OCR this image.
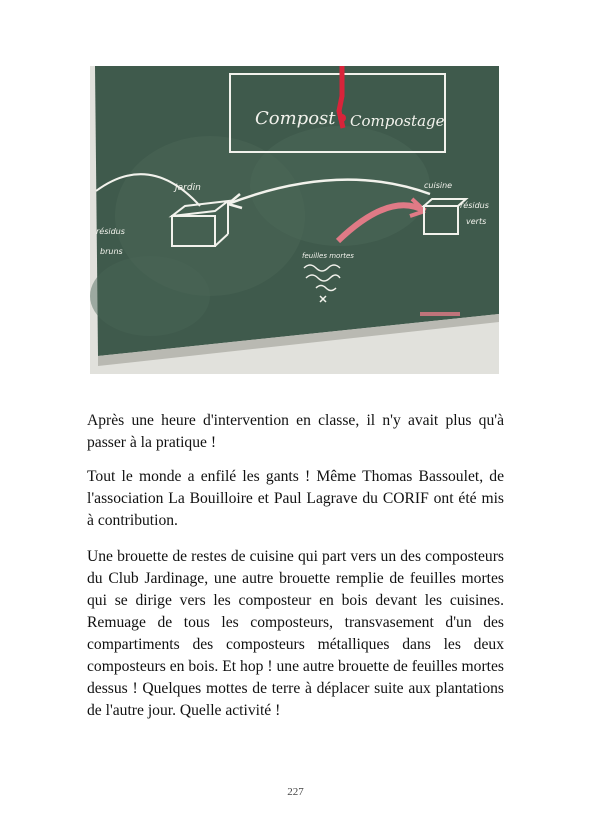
Compost Compostage
Jardin	cuisine
résidus
bruns
résidus
verts
feuilles mortes

Après une heure d'intervention en classe, il n'y avait plus qu'à passer à la pratique !

Tout le monde a enfilé les gants ! Même Thomas Bassoulet, de l'association La Bouilloire et Paul Lagrave du CORIF ont été mis à contribution.

Une brouette de restes de cuisine qui part vers un des composteurs du Club Jardinage, une autre brouette remplie de feuilles mortes qui se dirige vers les composteur en bois devant les cuisines. Remuage de tous les composteurs, transvasement d'un des compartiments des composteurs métalliques dans les deux composteurs en bois. Et hop ! une autre brouette de feuilles mortes dessus ! Quelques mottes de terre à déplacer suite aux plantations de l'autre jour. Quelle activité !

227
